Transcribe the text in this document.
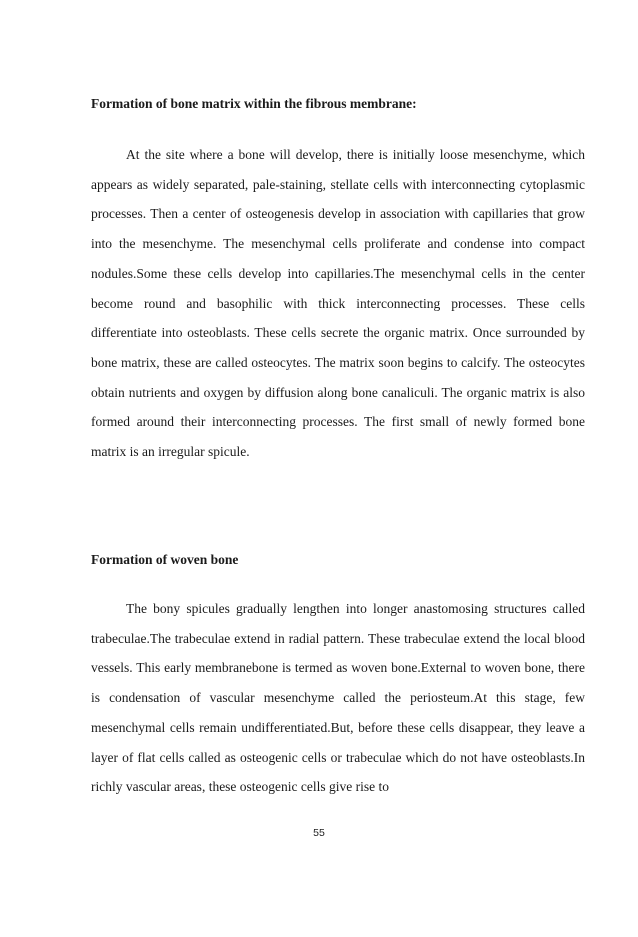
Formation of bone matrix within the fibrous membrane:

At the site where a bone will develop, there is initially loose mesenchyme, which appears as widely separated, pale-staining, stellate cells with interconnecting cytoplasmic processes. Then a center of osteogenesis develop in association with capillaries that grow into the mesenchyme. The mesenchymal cells proliferate and condense into compact nodules.Some these cells develop into capillaries.The mesenchymal cells in the center become round and basophilic with thick interconnecting processes. These cells differentiate into osteoblasts. These cells secrete the organic matrix. Once surrounded by bone matrix, these are called osteocytes. The matrix soon begins to calcify. The osteocytes obtain nutrients and oxygen by diffusion along bone canaliculi. The organic matrix is also formed around their interconnecting processes. The first small of newly formed bone matrix is an irregular spicule.

Formation of woven bone

The bony spicules gradually lengthen into longer anastomosing structures called trabeculae.The trabeculae extend in radial pattern. These trabeculae extend the local blood vessels. This early membranebone is termed as woven bone.External to woven bone, there is condensation of vascular mesenchyme called the periosteum.At this stage, few mesenchymal cells remain undifferentiated.But, before these cells disappear, they leave a layer of flat cells called as osteogenic cells or trabeculae which do not have osteoblasts.In richly vascular areas, these osteogenic cells give rise to

55
